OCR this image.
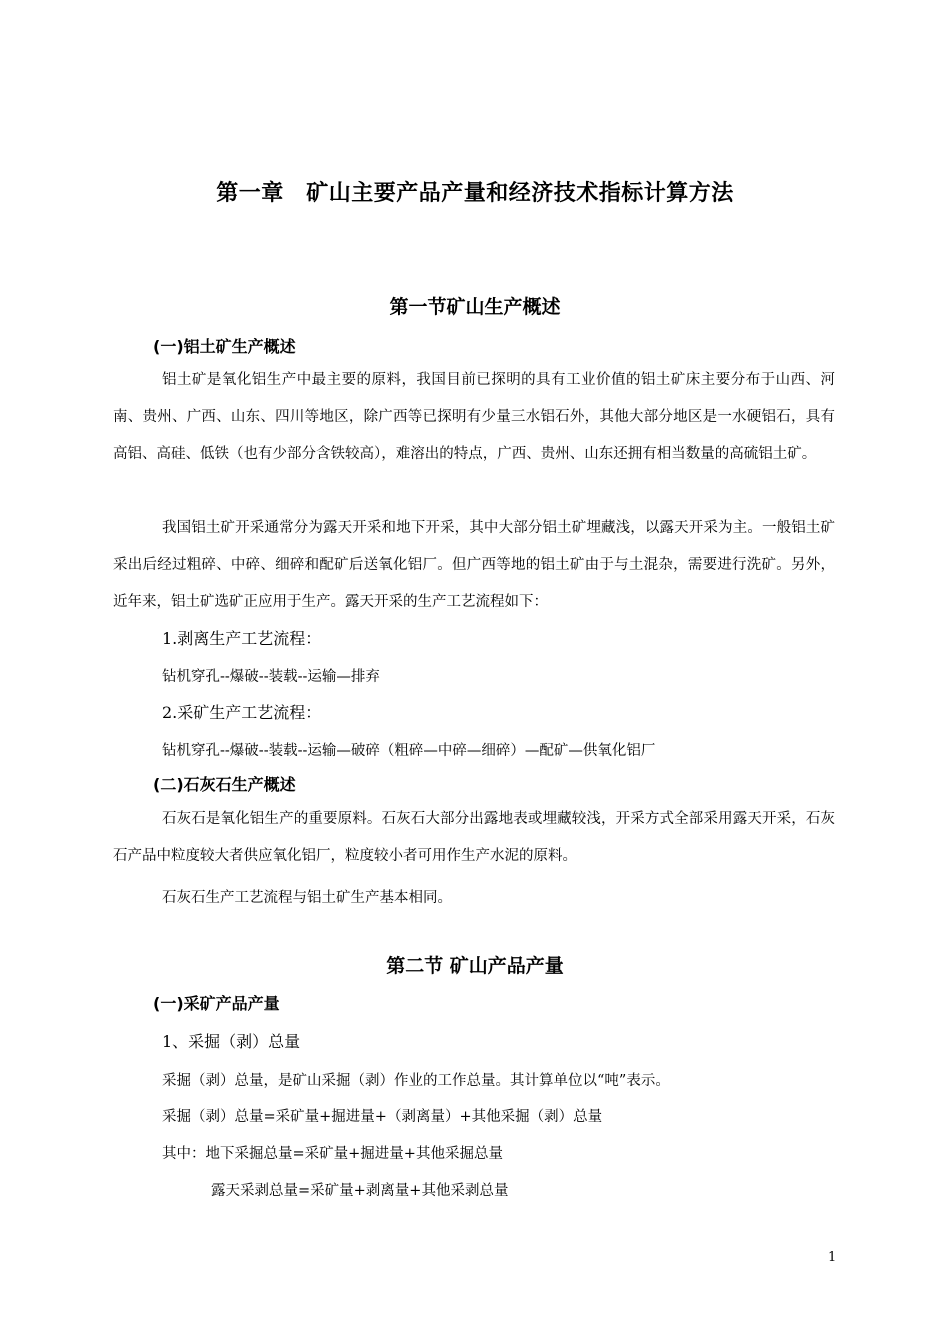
第一章　矿山主要产品产量和经济技术指标计算方法
第一节矿山生产概述
(一)铝土矿生产概述

铝土矿是氧化铝生产中最主要的原料，我国目前已探明的具有工业价值的铝土矿床主要分布于山西、河南、贵州、广西、山东、四川等地区，除广西等已探明有少量三水铝石外，其他大部分地区是一水硬铝石，具有高铝、高硅、低铁（也有少部分含铁较高），难溶出的特点，广西、贵州、山东还拥有相当数量的高硫铝土矿。

我国铝土矿开采通常分为露天开采和地下开采，其中大部分铝土矿埋藏浅，以露天开采为主。一般铝土矿采出后经过粗碎、中碎、细碎和配矿后送氧化铝厂。但广西等地的铝土矿由于与土混杂，需要进行洗矿。另外，近年来，铝土矿选矿正应用于生产。露天开采的生产工艺流程如下：

1.剥离生产工艺流程：
钻机穿孔--爆破--装载--运输—排弃
2.采矿生产工艺流程：
钻机穿孔--爆破--装载--运输—破碎（粗碎—中碎—细碎）—配矿—供氧化铝厂
(二)石灰石生产概述

石灰石是氧化铝生产的重要原料。石灰石大部分出露地表或埋藏较浅，开采方式全部采用露天开采，石灰石产品中粒度较大者供应氧化铝厂，粒度较小者可用作生产水泥的原料。

石灰石生产工艺流程与铝土矿生产基本相同。
第二节 矿山产品产量
(一)采矿产品产量
1、采掘（剥）总量
采掘（剥）总量，是矿山采掘（剥）作业的工作总量。其计算单位以“吨”表示。
采掘（剥）总量=采矿量+掘进量+（剥离量）+其他采掘（剥）总量
其中：地下采掘总量=采矿量+掘进量+其他采掘总量
露天采剥总量=采矿量+剥离量+其他采剥总量
1
